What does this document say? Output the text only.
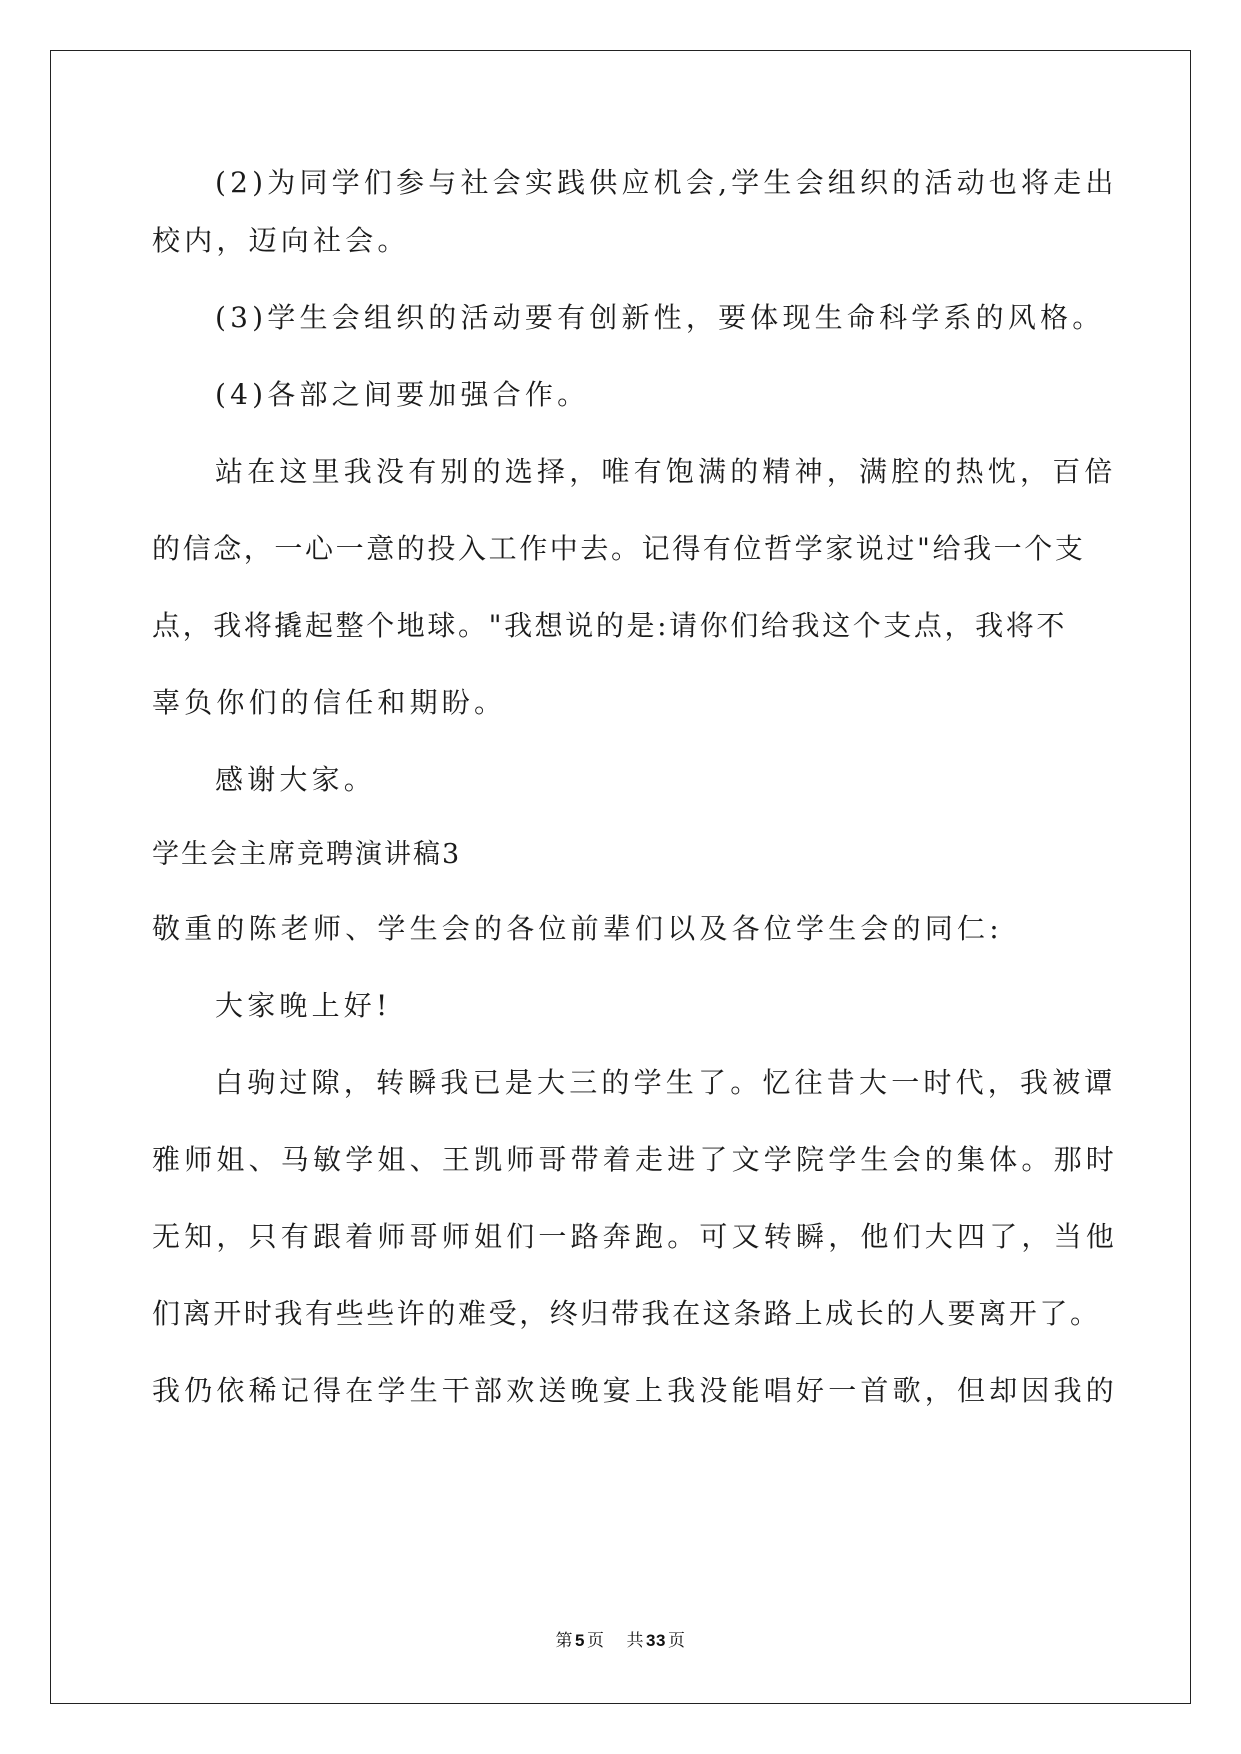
(2)为同学们参与社会实践供应机会,学生会组织的活动也将走出
校内，迈向社会。
(3)学生会组织的活动要有创新性，要体现生命科学系的风格。
(4)各部之间要加强合作。
站在这里我没有别的选择，唯有饱满的精神，满腔的热忱，百倍
的信念，一心一意的投入工作中去。记得有位哲学家说过"给我一个支
点，我将撬起整个地球。"我想说的是:请你们给我这个支点，我将不
辜负你们的信任和期盼。
感谢大家。
学生会主席竞聘演讲稿3
敬重的陈老师、学生会的各位前辈们以及各位学生会的同仁:
大家晚上好!
白驹过隙，转瞬我已是大三的学生了。忆往昔大一时代，我被谭
雅师姐、马敏学姐、王凯师哥带着走进了文学院学生会的集体。那时
无知，只有跟着师哥师姐们一路奔跑。可又转瞬，他们大四了，当他
们离开时我有些些许的难受，终归带我在这条路上成长的人要离开了。
我仍依稀记得在学生干部欢送晚宴上我没能唱好一首歌，但却因我的
第 5 页 共 33 页
